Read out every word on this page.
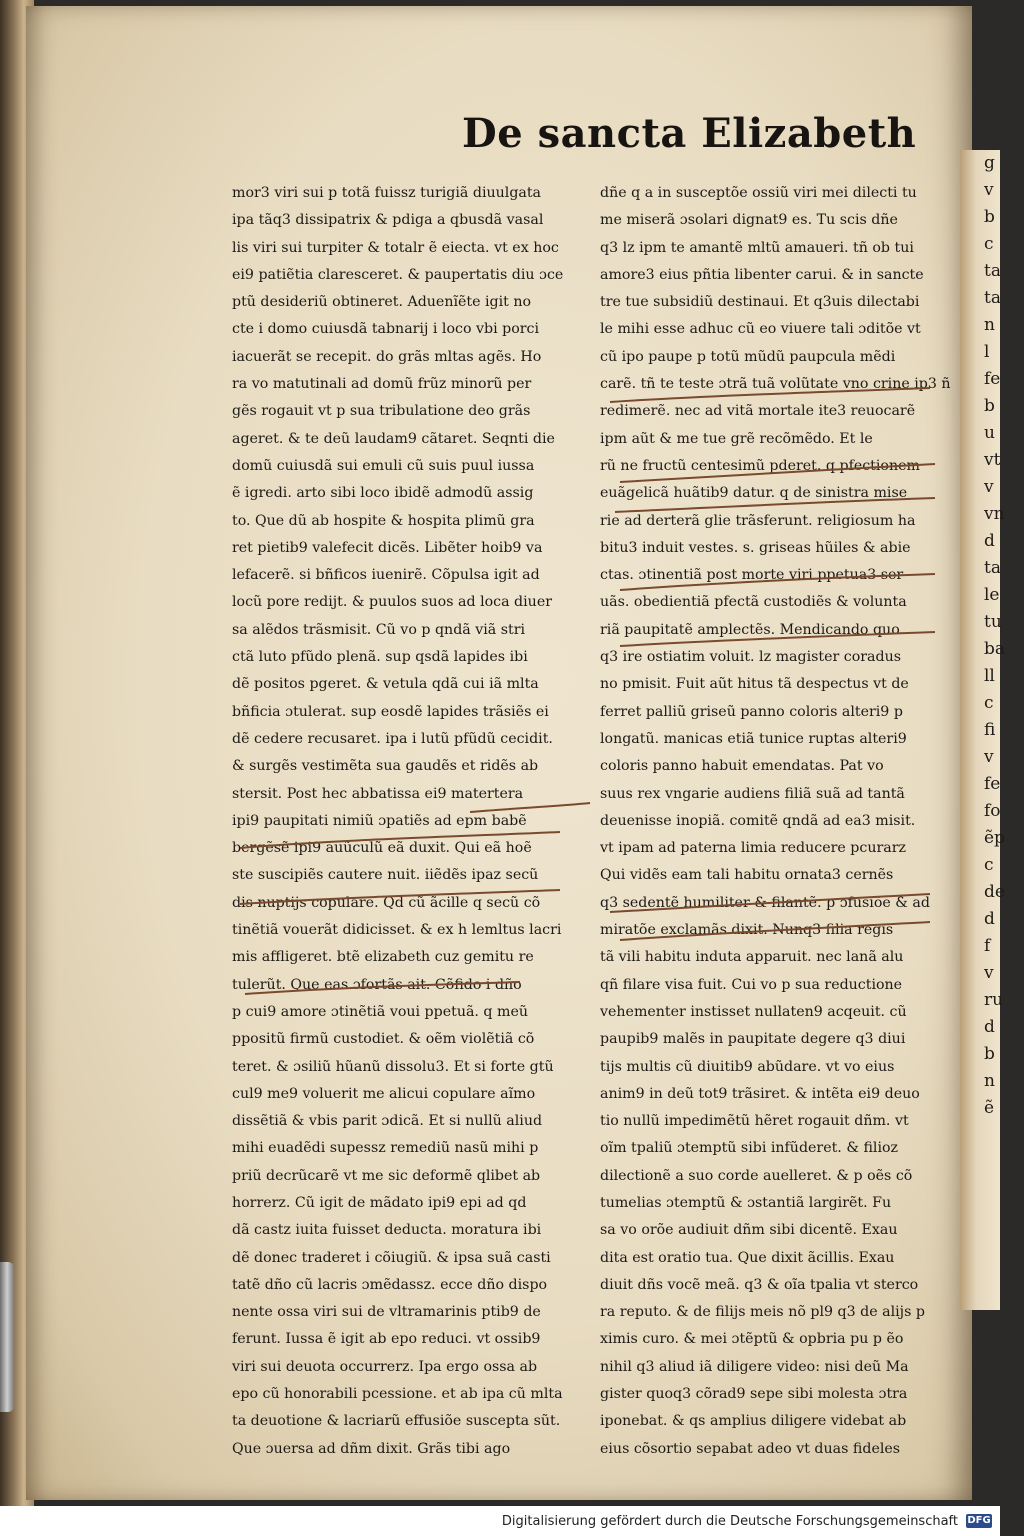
g
v
b
c
ta
ta
n
l
fe
b
u
vt
v
vn
d
ta
le
tu
ba
ll
c
fi
v
fe
fo
ẽp
c
de
d
f
v
ru
d
b
n
ẽ
De sancta Elizabeth
mor3 viri sui p totã fuissz turigiã diuulgata
ipa tãq3 dissipatrix & pdiga a qbusdã vasal
lis viri sui turpiter & totalr ẽ eiecta. vt ex hoc
ei9 patiẽtia claresceret. & paupertatis diu ɔce
ptũ desideriũ obtineret. Aduenĩẽte igit no
cte i domo cuiusdã tabnarij i loco vbi porci
iacuerãt se recepit. do grãs mltas agẽs. Ho
ra vo matutinali ad domũ frũz minorũ per
gẽs rogauit vt p sua tribulatione deo grãs
ageret. & te deũ laudam9 cãtaret. Seqnti die
domũ cuiusdã sui emuli cũ suis puul iussa
ẽ igredi. arto sibi loco ibidẽ admodũ assig
to. Que dũ ab hospite & hospita plimũ gra
ret pietib9 valefecit dicẽs. Libẽter hoib9 va
lefacerẽ. si bñficos iuenirẽ. Cõpulsa igit ad
locũ pore redijt. & puulos suos ad loca diuer
sa alẽdos trãsmisit. Cũ vo p qndã viã stri
ctã luto pfũdo plenã. sup qsdã lapides ibi
dẽ positos pgeret. & vetula qdã cui iã mlta
bñficia ɔtulerat. sup eosdẽ lapides trãsiẽs ei
dẽ cedere recusaret. ipa i lutũ pfũdũ cecidit.
& surgẽs vestimẽta sua gaudẽs et ridẽs ab
stersit. Post hec abbatissa ei9 matertera
ipi9 paupitati nimiũ ɔpatiẽs ad epm babẽ
bergẽsẽ ipi9 auũculũ eã duxit. Qui eã hoẽ
ste suscipiẽs cautere nuit. iiẽdẽs ipaz secũ
dis nuptijs copulare. Qd cũ ãcille q secũ cõ
tinẽtiã vouerãt didicisset. & ex h lemltus lacri
mis affligeret. btẽ elizabeth cuz gemitu re
tulerũt. Que eas ɔfortãs ait. Cõfido i dño
p cui9 amore ɔtinẽtiã voui ppetuã. q meũ
ppositũ firmũ custodiet. & oẽm violẽtiã cõ
teret. & ɔsiliũ hũanũ dissolu3. Et si forte gtũ
cul9 me9 voluerit me alicui copulare aĩmo
dissẽtiã & vbis parit ɔdicã. Et si nullũ aliud
mihi euadẽdi supessz remediũ nasũ mihi p
priũ decrũcarẽ vt me sic deformẽ qlibet ab
horrerz. Cũ igit de mãdato ipi9 epi ad qd
dã castz iuita fuisset deducta. moratura ibi
dẽ donec traderet i cõiugiũ. & ipsa suã casti
tatẽ dño cũ lacris ɔmẽdassz. ecce dño dispo
nente ossa viri sui de vltramarinis ptib9 de
ferunt. Iussa ẽ igit ab epo reduci. vt ossib9
viri sui deuota occurrerz. Ipa ergo ossa ab
epo cũ honorabili pcessione. et ab ipa cũ mlta
ta deuotione & lacriarũ effusiõe suscepta sũt.
Que ɔuersa ad dñm dixit. Grãs tibi ago
dñe q a in susceptõe ossiũ viri mei dilecti tu
me miserã ɔsolari dignat9 es. Tu scis dñe
q3 lz ipm te amantẽ mltũ amaueri. tñ ob tui
amore3 eius pñtia libenter carui. & in sancte
tre tue subsidiũ destinaui. Et q3uis dilectabi
le mihi esse adhuc cũ eo viuere tali ɔditõe vt
cũ ipo paupe p totũ mũdũ paupcula mẽdi
carẽ. tñ te teste ɔtrã tuã volũtate vno crine ip3 ñ
redimerẽ. nec ad vitã mortale ite3 reuocarẽ
ipm aũt & me tue grẽ recõmẽdo. Et le
rũ ne fructũ centesimũ pderet. q pfectionem
euãgelicã huãtib9 datur. q de sinistra mise
rie ad derterã glie trãsferunt. religiosum ha
bitu3 induit vestes. s. griseas hũiles & abie
ctas. ɔtinentiã post morte viri ppetua3 ser
uãs. obedientiã pfectã custodiẽs & volunta
riã paupitatẽ amplectẽs. Mendicando quo
q3 ire ostiatim voluit. lz magister coradus
no pmisit. Fuit aũt hitus tã despectus vt de
ferret palliũ griseũ panno coloris alteri9 p
longatũ. manicas etiã tunice ruptas alteri9
coloris panno habuit emendatas. Pat vo
suus rex vngarie audiens filiã suã ad tantã
deuenisse inopiã. comitẽ qndã ad ea3 misit.
vt ipam ad paterna limia reducere pcurarz
Qui vidẽs eam tali habitu ornata3 cernẽs
q3 sedentẽ humiliter & filantẽ. p ɔfusiõe & ad
miratõe exclamãs dixit. Nunq3 filia regis
tã vili habitu induta apparuit. nec lanã alu
qñ filare visa fuit. Cui vo p sua reductione
vehementer instisset nullaten9 acqeuit. cũ
paupib9 malẽs in paupitate degere q3 diui
tijs multis cũ diuitib9 abũdare. vt vo eius
anim9 in deũ tot9 trãsiret. & intẽta ei9 deuo
tio nullũ impedimẽtũ hẽret rogauit dñm. vt
oĩm tpaliũ ɔtemptũ sibi infũderet. & filioz
dilectionẽ a suo corde auelleret. & p oẽs cõ
tumelias ɔtemptũ & ɔstantiã largirẽt. Fu
sa vo orõe audiuit dñm sibi dicentẽ. Exau
dita est oratio tua. Que dixit ãcillis. Exau
diuit dñs vocẽ meã. q3 & oĩa tpalia vt sterco
ra reputo. & de filijs meis nõ pl9 q3 de alijs p
ximis curo. & mei ɔtẽptũ & opbria pu p ẽo
nihil q3 aliud iã diligere video: nisi deũ Ma
gister quoq3 cõrad9 sepe sibi molesta ɔtra
iponebat. & qs amplius diligere videbat ab
eius cõsortio sepabat adeo vt duas fideles
Digitalisierung gefördert durch die Deutsche Forschungsgemeinschaft DFG
